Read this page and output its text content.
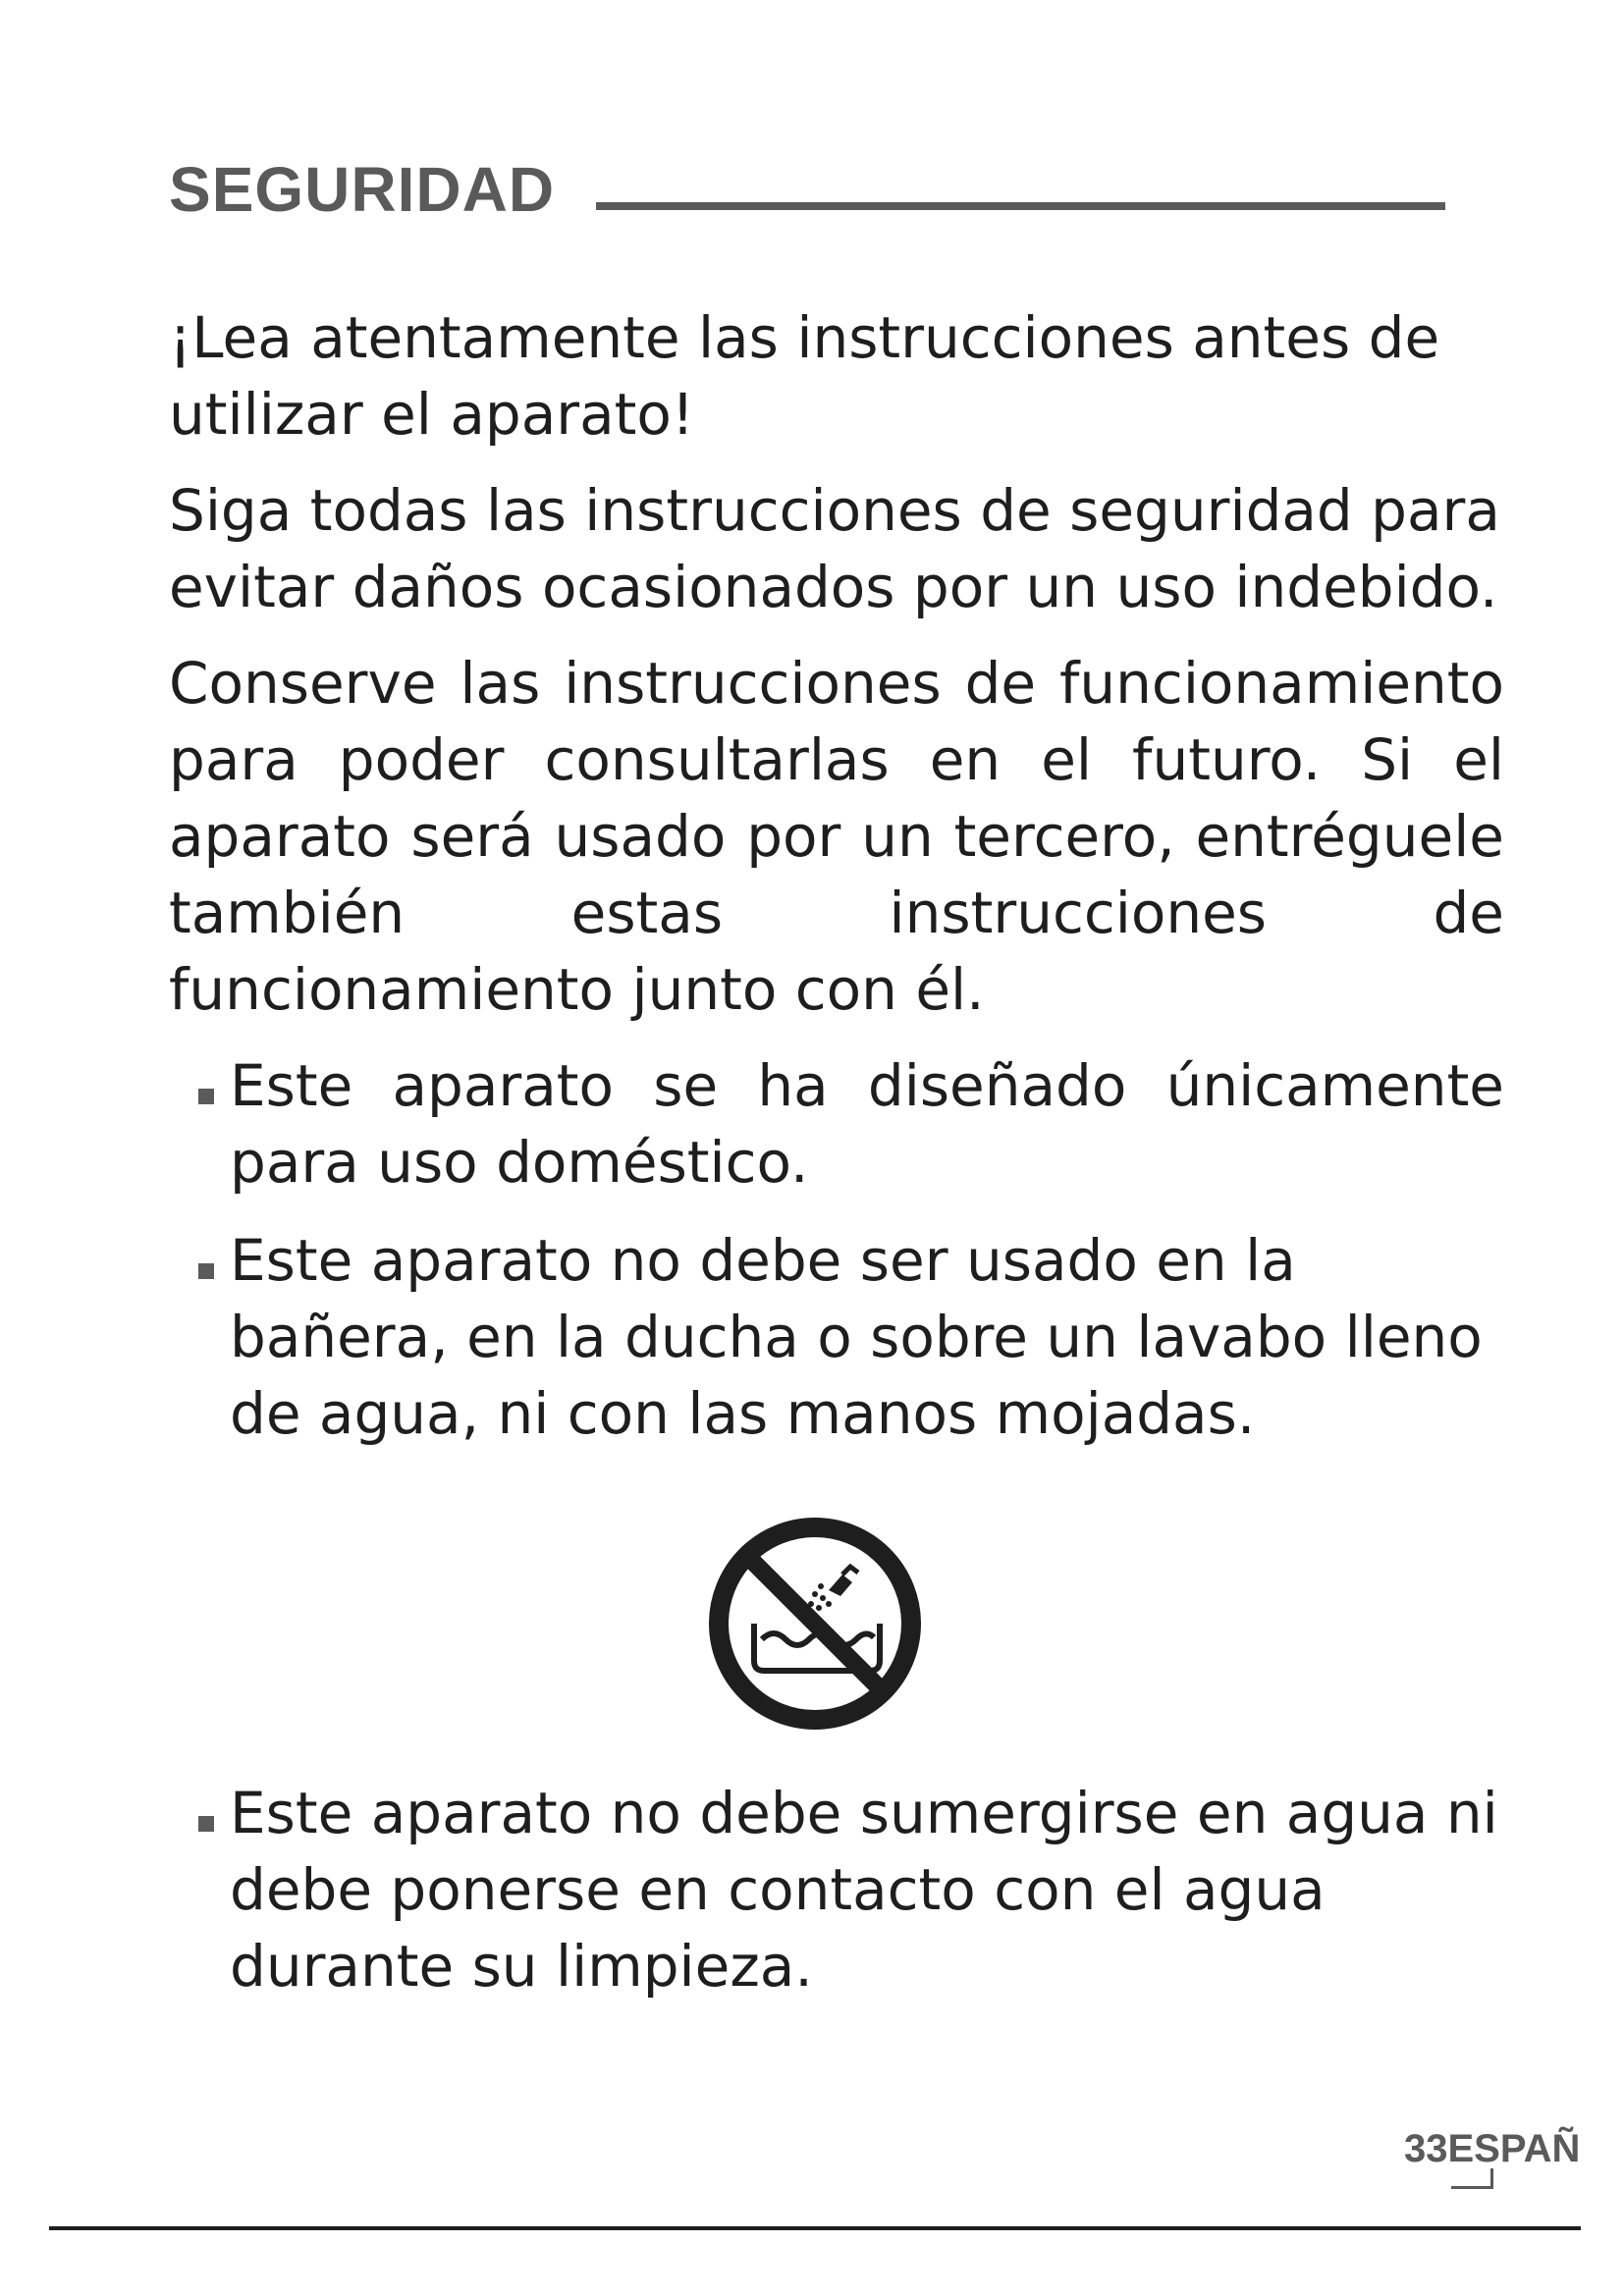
SEGURIDAD

¡Lea atentamente las instrucciones antes de utilizar el aparato!

Siga todas las instrucciones de seguridad para evitar daños ocasionados por un uso indebido.

Conserve las instrucciones de funcionamiento para poder consultarlas en el futuro. Si el aparato será usado por un tercero, entréguele también estas instrucciones de funcionamiento junto con él.

Este aparato se ha diseñado únicamente para uso doméstico.
Este aparato no debe ser usado en la bañera, en la ducha o sobre un lavabo lleno de agua, ni con las manos mojadas.
Este aparato no debe sumergirse en agua ni debe ponerse en contacto con el agua durante su limpieza.
33ESPAÑ
